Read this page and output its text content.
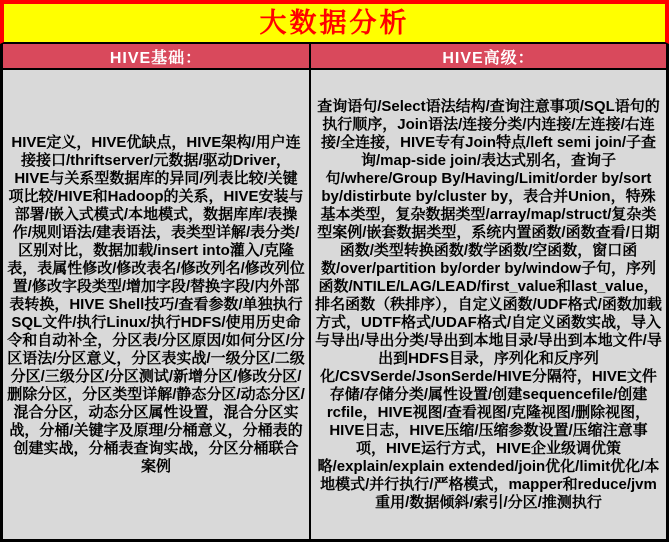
大数据分析
HIVE基础：	HIVE高级：
HIVE定义，HIVE优缺点，HIVE架构/用户连接接口/thriftserver/元数据/驱动Driver，HIVE与关系型数据库的异同/列表比较/关键项比较/HIVE和Hadoop的关系，HIVE安装与部署/嵌入式模式/本地模式，数据库库/表操作/规则语法/建表语法，表类型详解/表分类/区别对比，数据加载/insert into灌入/克隆表，表属性修改/修改表名/修改列名/修改列位置/修改字段类型/增加字段/替换字段/内外部表转换，HIVE Shell技巧/查看参数/单独执行SQL文件/执行Linux/执行HDFS/使用历史命令和自动补全，分区表/分区原因/如何分区/分区语法/分区意义，分区表实战/一级分区/二级分区/三级分区/分区测试/新增分区/修改分区/删除分区，分区类型详解/静态分区/动态分区/混合分区，动态分区属性设置，混合分区实战，分桶/关键字及原理/分桶意义，分桶表的创建实战，分桶表查询实战，分区分桶联合案例
查询语句/Select语法结构/查询注意事项/SQL语句的执行顺序，Join语法/连接分类/内连接/左连接/右连接/全连接，HIVE专有Join特点/left semi join/子查询/map-side join/表达式别名，查询子句/where/Group By/Having/Limit/order by/sort by/distirbute by/cluster by，表合并Union，特殊基本类型，复杂数据类型/array/map/struct/复杂类型案例/嵌套数据类型，系统内置函数/函数查看/日期函数/类型转换函数/数学函数/空函数，窗口函数/over/partition by/order by/window子句，序列函数/NTILE/LAG/LEAD/first_value和last_value，排名函数（秩排序），自定义函数/UDF格式/函数加载方式，UDTF格式/UDAF格式/自定义函数实战，导入与导出/导出分类/导出到本地目录/导出到本地文件/导出到HDFS目录，序列化和反序列化/CSVSerde/JsonSerde/HIVE分隔符，HIVE文件存储/存储分类/属性设置/创建sequencefile/创建rcfile，HIVE视图/查看视图/克隆视图/删除视图，HIVE日志，HIVE压缩/压缩参数设置/压缩注意事项，HIVE运行方式，HIVE企业级调优策略/explain/explain extended/join优化/limit优化/本地模式/并行执行/严格模式，mapper和reduce/jvm重用/数据倾斜/索引/分区/推测执行
